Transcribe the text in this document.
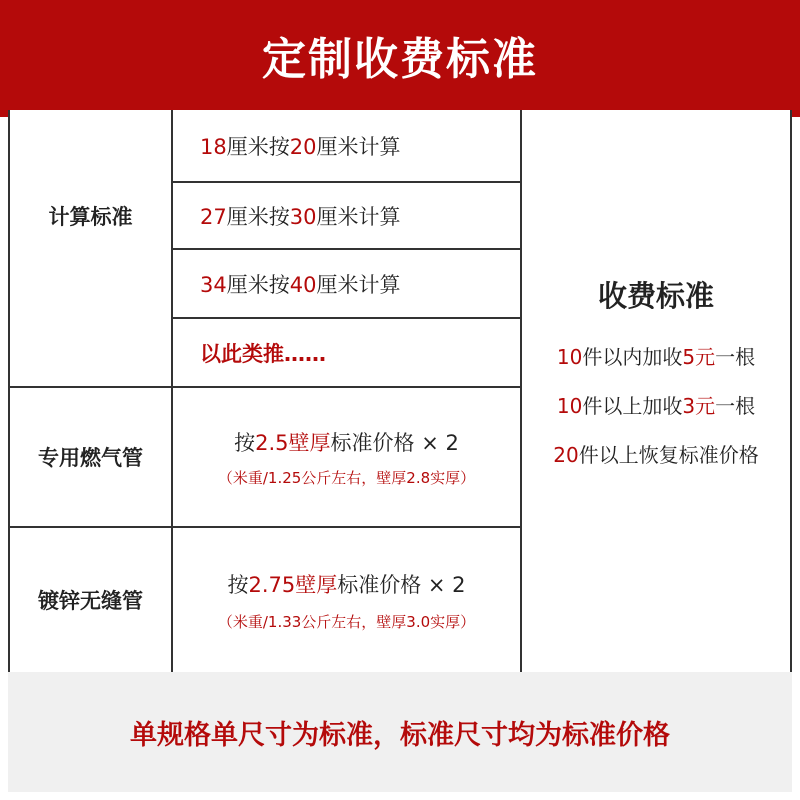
定制收费标准
计算标准
专用燃气管
镀锌无缝管
18厘米按20厘米计算
27厘米按30厘米计算
34厘米按40厘米计算
以此类推……
按2.5壁厚标准价格 × 2
（米重/1.25公斤左右，壁厚2.8实厚）
按2.75壁厚标准价格 × 2
（米重/1.33公斤左右，壁厚3.0实厚）
收费标准
10件以内加收5元一根
10件以上加收3元一根
20件以上恢复标准价格
单规格单尺寸为标准，标准尺寸均为标准价格
